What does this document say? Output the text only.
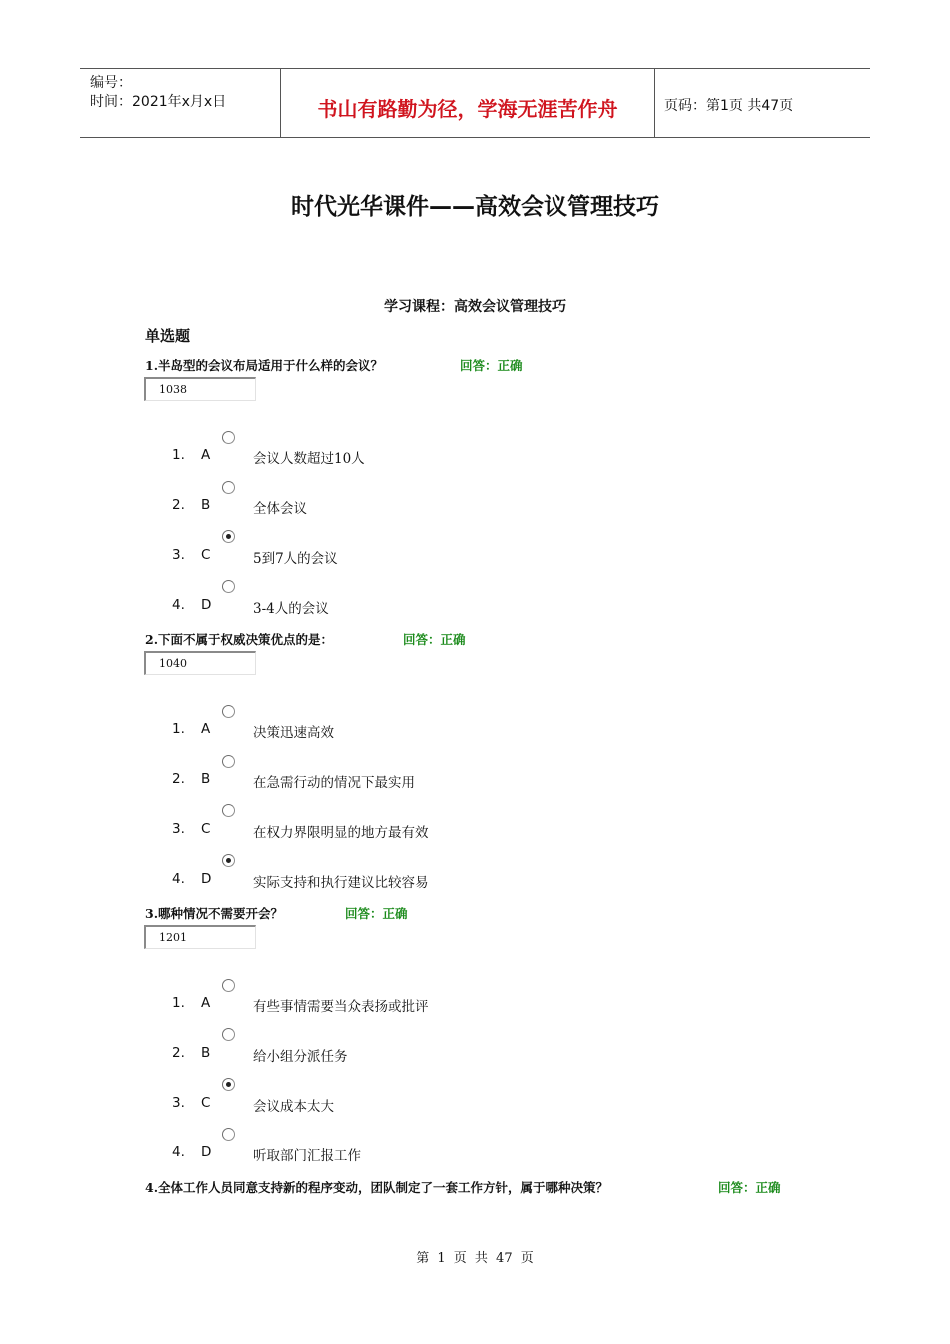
编号：
时间：2021年x月x日	书山有路勤为径，学海无涯苦作舟	页码：第1页 共47页
时代光华课件——高效会议管理技巧
学习课程：高效会议管理技巧
单选题
1.半岛型的会议布局适用于什么样的会议？	回答：正确
1038
1. A	会议人数超过10人
2. B	全体会议
3. C	5到7人的会议
4. D	3-4人的会议
2.下面不属于权威决策优点的是：	回答：正确
1040
1. A	决策迅速高效
2. B	在急需行动的情况下最实用
3. C	在权力界限明显的地方最有效
4. D	实际支持和执行建议比较容易
3.哪种情况不需要开会？	回答：正确
1201
1. A	有些事情需要当众表扬或批评
2. B	给小组分派任务
3. C	会议成本太大
4. D	听取部门汇报工作
4.全体工作人员同意支持新的程序变动，团队制定了一套工作方针，属于哪种决策？	回答：正确
第 1 页 共 47 页
